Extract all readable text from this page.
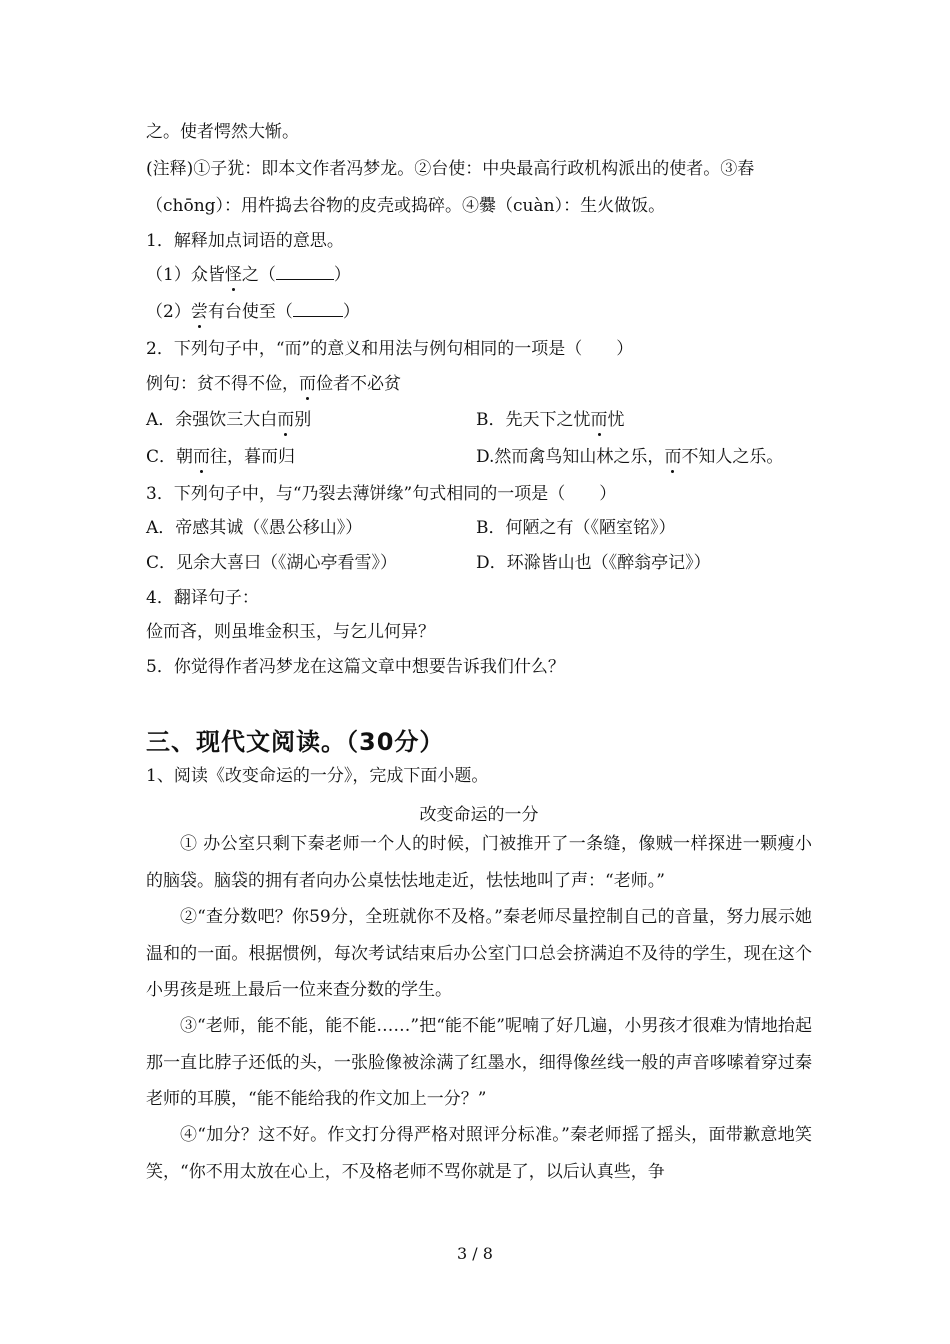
之。使者愕然大惭。
(注释)①子犹：即本文作者冯梦龙。②台使：中央最高行政机构派出的使者。③舂
（chōng）：用杵捣去谷物的皮壳或捣碎。④爨（cuàn）：生火做饭。
1．解释加点词语的意思。
（1）众皆怪之（	）
（2）尝有台使至（	）
2．下列句子中，“而”的意义和用法与例句相同的一项是（　　）
例句：贫不得不俭，而俭者不必贫
A．余强饮三大白而别	B．先天下之忧而忧
C．朝而往，暮而归	D.然而禽鸟知山林之乐，而不知人之乐。
3．下列句子中，与“乃裂去薄饼缘”句式相同的一项是（　　）
A．帝感其诚（《愚公移山》）	B．何陋之有（《陋室铭》）
C．见余大喜曰（《湖心亭看雪》）	D．环滁皆山也（《醉翁亭记》）
4．翻译句子：
俭而吝，则虽堆金积玉，与乞儿何异？
5．你觉得作者冯梦龙在这篇文章中想要告诉我们什么？
三、现代文阅读。（30分）
1、阅读《改变命运的一分》，完成下面小题。
改变命运的一分
① 办公室只剩下秦老师一个人的时候，门被推开了一条缝，像贼一样探进一颗瘦小的脑袋。脑袋的拥有者向办公桌怯怯地走近，怯怯地叫了声：“老师。”
②“查分数吧？你59分，全班就你不及格。”秦老师尽量控制自己的音量，努力展示她温和的一面。根据惯例，每次考试结束后办公室门口总会挤满迫不及待的学生，现在这个小男孩是班上最后一位来查分数的学生。
③“老师，能不能，能不能……”把“能不能”呢喃了好几遍，小男孩才很难为情地抬起那一直比脖子还低的头，一张脸像被涂满了红墨水，细得像丝线一般的声音哆嗦着穿过秦老师的耳膜，“能不能给我的作文加上一分？”
④“加分？这不好。作文打分得严格对照评分标准。”秦老师摇了摇头，面带歉意地笑笑，“你不用太放在心上，不及格老师不骂你就是了，以后认真些，争
3 / 8
